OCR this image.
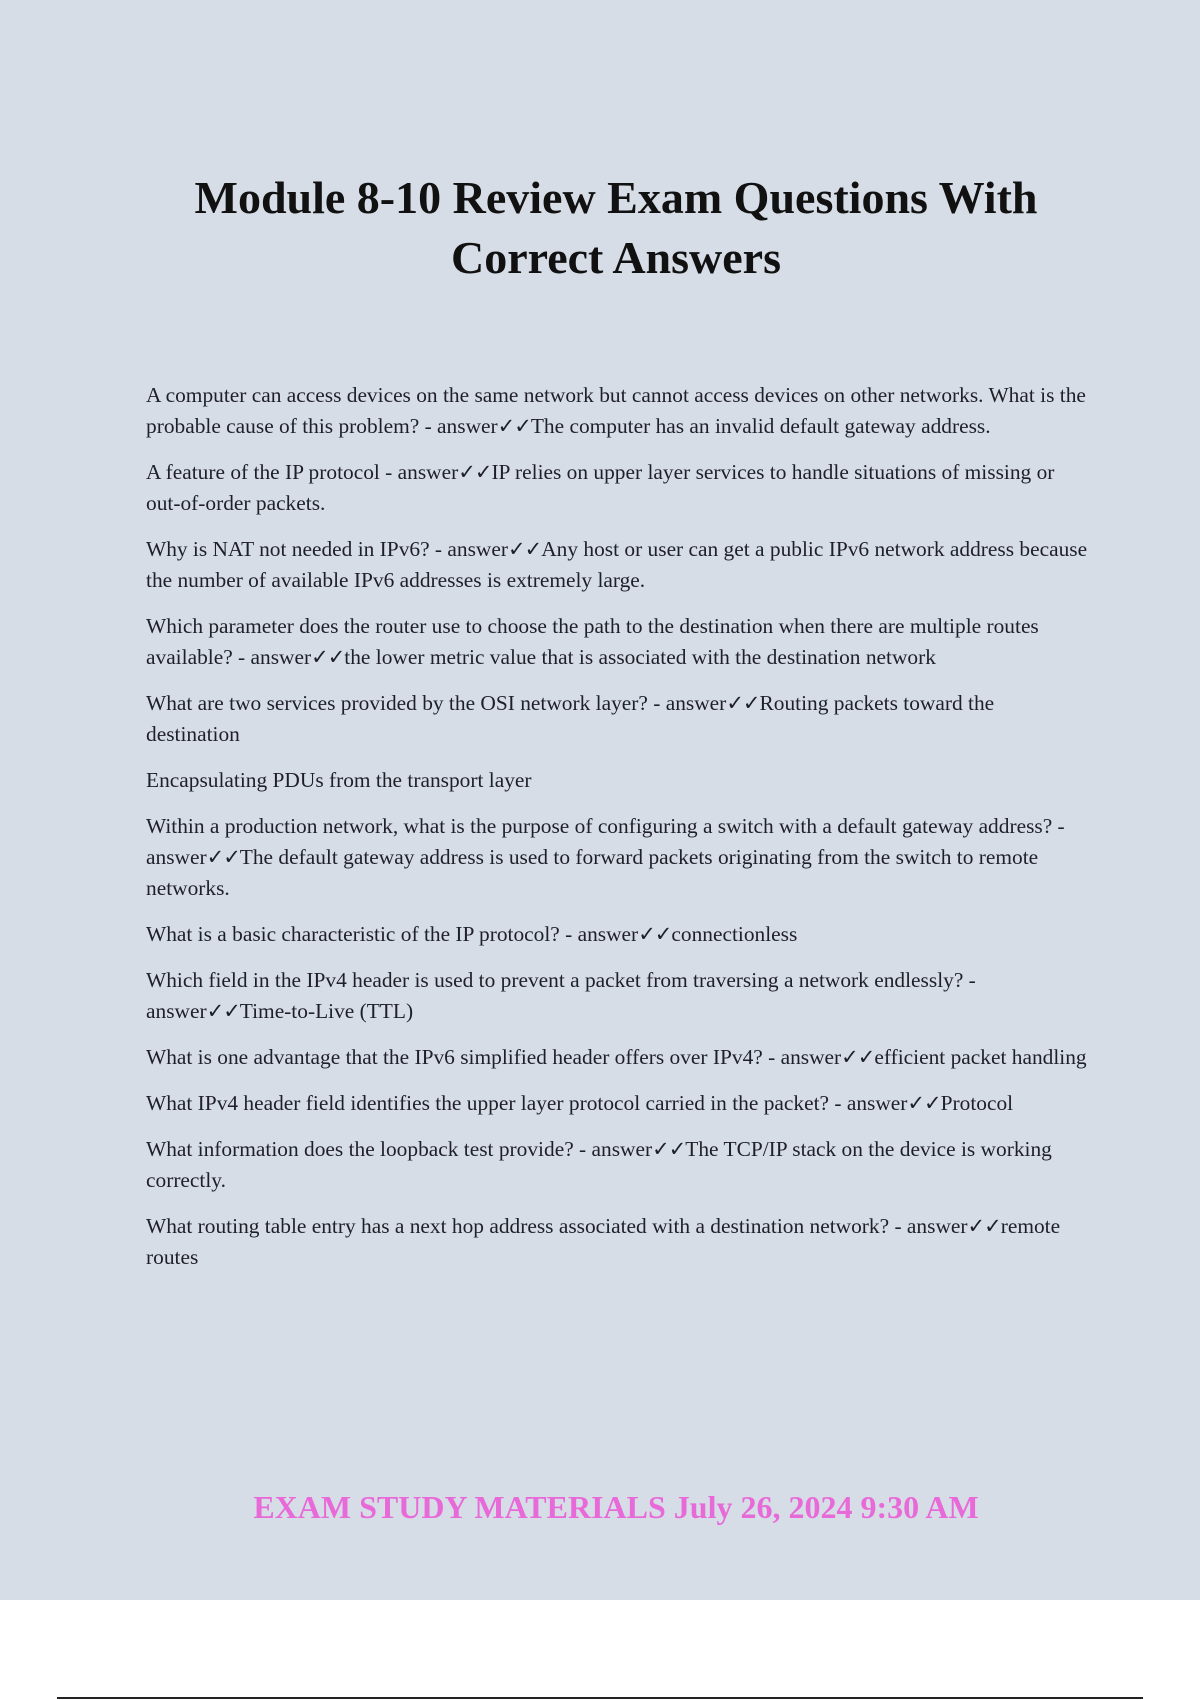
Module 8-10 Review Exam Questions With Correct Answers

A computer can access devices on the same network but cannot access devices on other networks. What is the probable cause of this problem? - answer✓✓The computer has an invalid default gateway address.

A feature of the IP protocol - answer✓✓IP relies on upper layer services to handle situations of missing or out-of-order packets.

Why is NAT not needed in IPv6? - answer✓✓Any host or user can get a public IPv6 network address because the number of available IPv6 addresses is extremely large.

Which parameter does the router use to choose the path to the destination when there are multiple routes available? - answer✓✓the lower metric value that is associated with the destination network

What are two services provided by the OSI network layer? - answer✓✓Routing packets toward the destination

Encapsulating PDUs from the transport layer

Within a production network, what is the purpose of configuring a switch with a default gateway address? - answer✓✓The default gateway address is used to forward packets originating from the switch to remote networks.

What is a basic characteristic of the IP protocol? - answer✓✓connectionless

Which field in the IPv4 header is used to prevent a packet from traversing a network endlessly? - answer✓✓Time-to-Live (TTL)

What is one advantage that the IPv6 simplified header offers over IPv4? - answer✓✓efficient packet handling

What IPv4 header field identifies the upper layer protocol carried in the packet? - answer✓✓Protocol

What information does the loopback test provide? - answer✓✓The TCP/IP stack on the device is working correctly.

What routing table entry has a next hop address associated with a destination network? - answer✓✓remote routes

EXAM STUDY MATERIALS July 26, 2024 9:30 AM
